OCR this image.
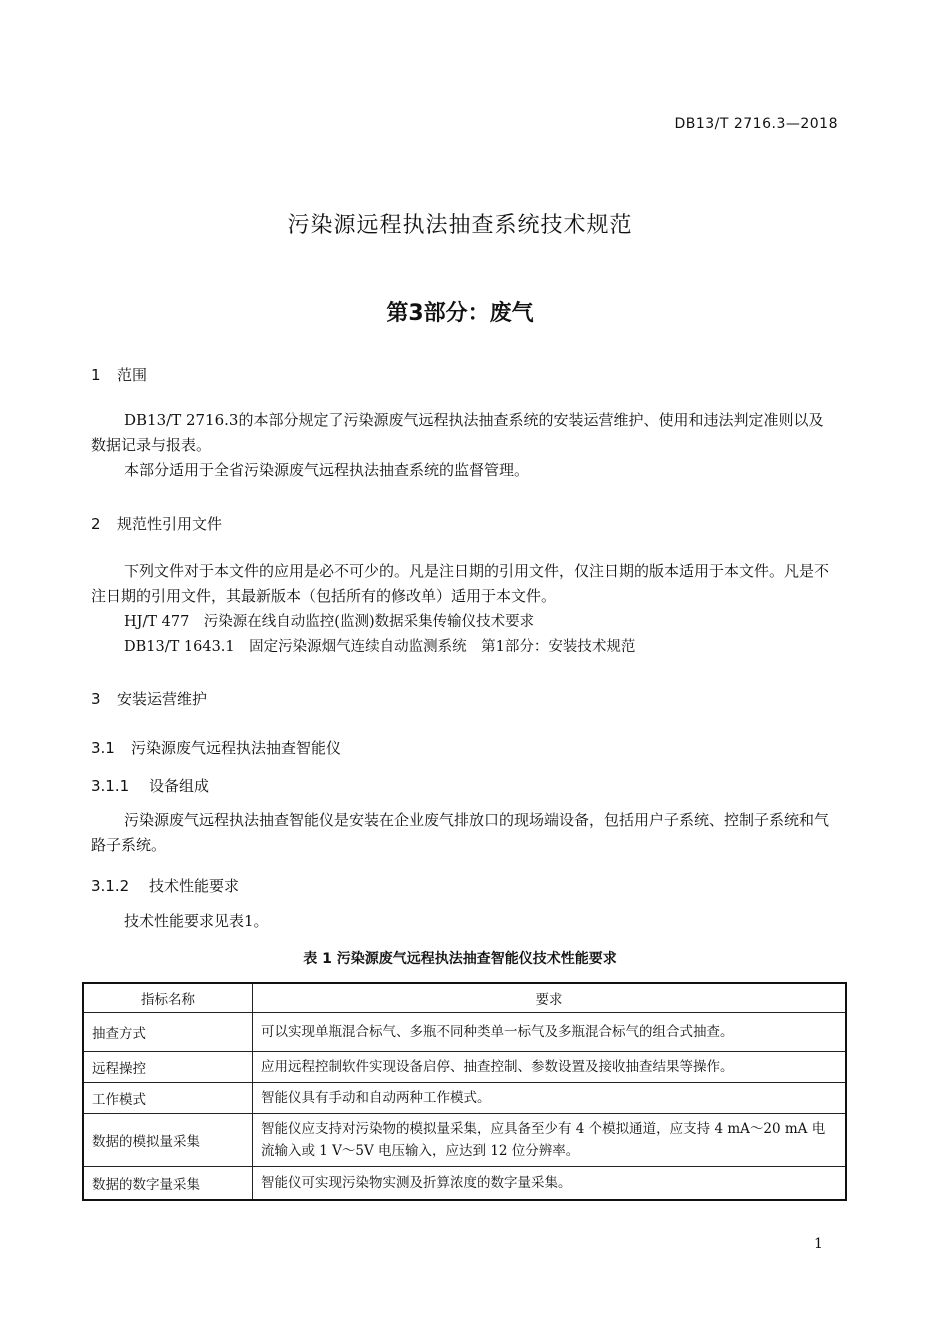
DB13/T 2716.3—2018
污染源远程执法抽查系统技术规范
第3部分：废气
1 范围
DB13/T 2716.3的本部分规定了污染源废气远程执法抽查系统的安装运营维护、使用和违法判定准则以及数据记录与报表。
本部分适用于全省污染源废气远程执法抽查系统的监督管理。
2 规范性引用文件
下列文件对于本文件的应用是必不可少的。凡是注日期的引用文件，仅注日期的版本适用于本文件。凡是不注日期的引用文件，其最新版本（包括所有的修改单）适用于本文件。
HJ/T 477　污染源在线自动监控(监测)数据采集传输仪技术要求
DB13/T 1643.1　固定污染源烟气连续自动监测系统　第1部分：安装技术规范
3 安装运营维护
3.1 污染源废气远程执法抽查智能仪
3.1.1 设备组成
污染源废气远程执法抽查智能仪是安装在企业废气排放口的现场端设备，包括用户子系统、控制子系统和气路子系统。
3.1.2 技术性能要求
技术性能要求见表1。
表 1 污染源废气远程执法抽查智能仪技术性能要求
指标名称	要求
抽查方式	可以实现单瓶混合标气、多瓶不同种类单一标气及多瓶混合标气的组合式抽查。
远程操控	应用远程控制软件实现设备启停、抽查控制、参数设置及接收抽查结果等操作。
工作模式	智能仪具有手动和自动两种工作模式。
数据的模拟量采集	智能仪应支持对污染物的模拟量采集，应具备至少有 4 个模拟通道，应支持 4 mA～20 mA 电流输入或 1 V～5V 电压输入，应达到 12 位分辨率。
数据的数字量采集	智能仪可实现污染物实测及折算浓度的数字量采集。
1
